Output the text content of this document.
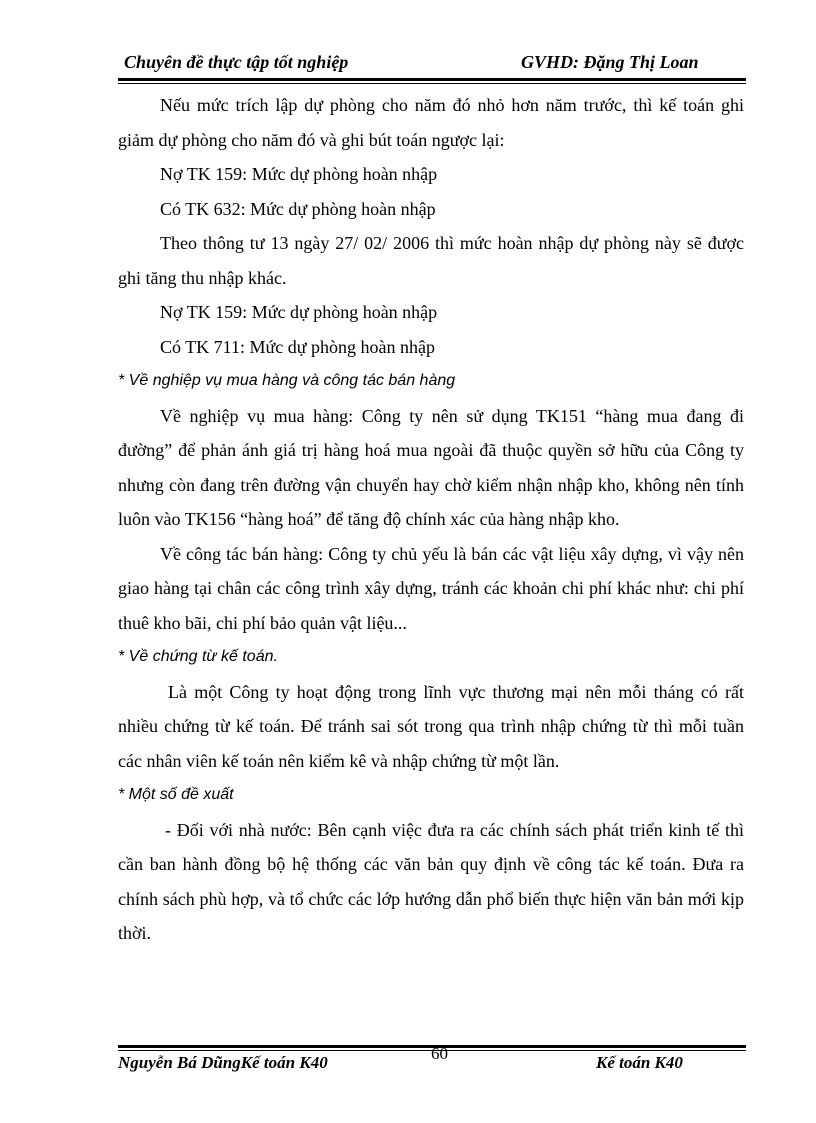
Chuyên đề thực tập tốt nghiệp	GVHD: Đặng Thị Loan

Nếu mức trích lập dự phòng cho năm đó nhỏ hơn năm trước, thì kế toán ghi giảm dự phòng cho năm đó và ghi bút toán ngược lại:

Nợ TK 159: Mức dự phòng hoàn nhập

Có TK 632: Mức dự phòng hoàn nhập

Theo thông tư 13 ngày 27/ 02/ 2006 thì mức hoàn nhập dự phòng này sẽ được ghi tăng thu nhập khác.

Nợ TK 159: Mức dự phòng hoàn nhập

Có TK 711: Mức dự phòng hoàn nhập

* Về nghiệp vụ mua hàng và công tác bán hàng

Về nghiệp vụ mua hàng: Công ty nên sử dụng TK151 “hàng mua đang đi đường” để phản ánh giá trị hàng hoá mua ngoài đã thuộc quyền sở hữu của Công ty nhưng còn đang trên đường vận chuyển hay chờ kiểm nhận nhập kho, không nên tính luôn vào TK156 “hàng hoá” để tăng độ chính xác của hàng nhập kho.

Về công tác bán hàng: Công ty chủ yếu là bán các vật liệu xây dựng, vì vậy nên giao hàng tại chân các công trình xây dựng, tránh các khoản chi phí khác như: chi phí thuê kho bãi, chi phí bảo quản vật liệu...

* Về chứng từ kế toán.

Là một Công ty hoạt động trong lĩnh vực thương mại nên mỗi tháng có rất nhiều chứng từ kế toán. Để tránh sai sót trong qua trình nhập chứng từ thì mỗi tuần các nhân viên kế toán nên kiểm kê và nhập chứng từ một lần.

* Một số đề xuất

- Đối với nhà nước: Bên cạnh việc đưa ra các chính sách phát triển kinh tế thì cần ban hành đồng bộ hệ thống các văn bản quy định về công tác kế toán. Đưa ra chính sách phù hợp, và tổ chức các lớp hướng dẫn phổ biến thực hiện văn bản mới kịp thời.

Nguyễn Bá DũngKế toán K40	60	Kế toán K40
